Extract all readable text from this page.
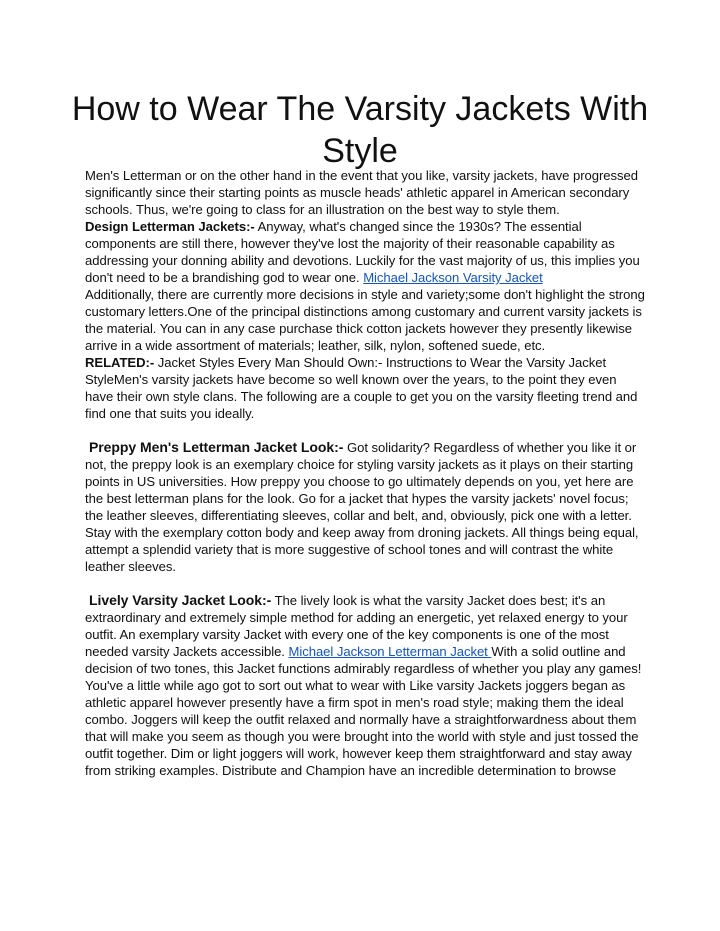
How to Wear The Varsity Jackets With Style

Men's Letterman or on the other hand in the event that you like, varsity jackets, have progressed significantly since their starting points as muscle heads' athletic apparel in American secondary schools. Thus, we're going to class for an illustration on the best way to style them.

Design Letterman Jackets:- Anyway, what's changed since the 1930s? The essential components are still there, however they've lost the majority of their reasonable capability as addressing your donning ability and devotions. Luckily for the vast majority of us, this implies you don't need to be a brandishing god to wear one. Michael Jackson Varsity Jacket
Additionally, there are currently more decisions in style and variety;some don't highlight the strong customary letters.One of the principal distinctions among customary and current varsity jackets is the material. You can in any case purchase thick cotton jackets however they presently likewise arrive in a wide assortment of materials; leather, silk, nylon, softened suede, etc.

RELATED:- Jacket Styles Every Man Should Own:- Instructions to Wear the Varsity Jacket StyleMen's varsity jackets have become so well known over the years, to the point they even have their own style clans. The following are a couple to get you on the varsity fleeting trend and find one that suits you ideally.

Preppy Men's Letterman Jacket Look:- Got solidarity? Regardless of whether you like it or not, the preppy look is an exemplary choice for styling varsity jackets as it plays on their starting points in US universities. How preppy you choose to go ultimately depends on you, yet here are the best letterman plans for the look. Go for a jacket that hypes the varsity jackets' novel focus; the leather sleeves, differentiating sleeves, collar and belt, and, obviously, pick one with a letter. Stay with the exemplary cotton body and keep away from droning jackets. All things being equal, attempt a splendid variety that is more suggestive of school tones and will contrast the white leather sleeves.

Lively Varsity Jacket Look:- The lively look is what the varsity Jacket does best; it's an extraordinary and extremely simple method for adding an energetic, yet relaxed energy to your outfit. An exemplary varsity Jacket with every one of the key components is one of the most needed varsity Jackets accessible. Michael Jackson Letterman Jacket With a solid outline and decision of two tones, this Jacket functions admirably regardless of whether you play any games! You've a little while ago got to sort out what to wear with Like varsity Jackets joggers began as athletic apparel however presently have a firm spot in men's road style; making them the ideal combo. Joggers will keep the outfit relaxed and normally have a straightforwardness about them that will make you seem as though you were brought into the world with style and just tossed the outfit together. Dim or light joggers will work, however keep them straightforward and stay away from striking examples. Distribute and Champion have an incredible determination to browse
